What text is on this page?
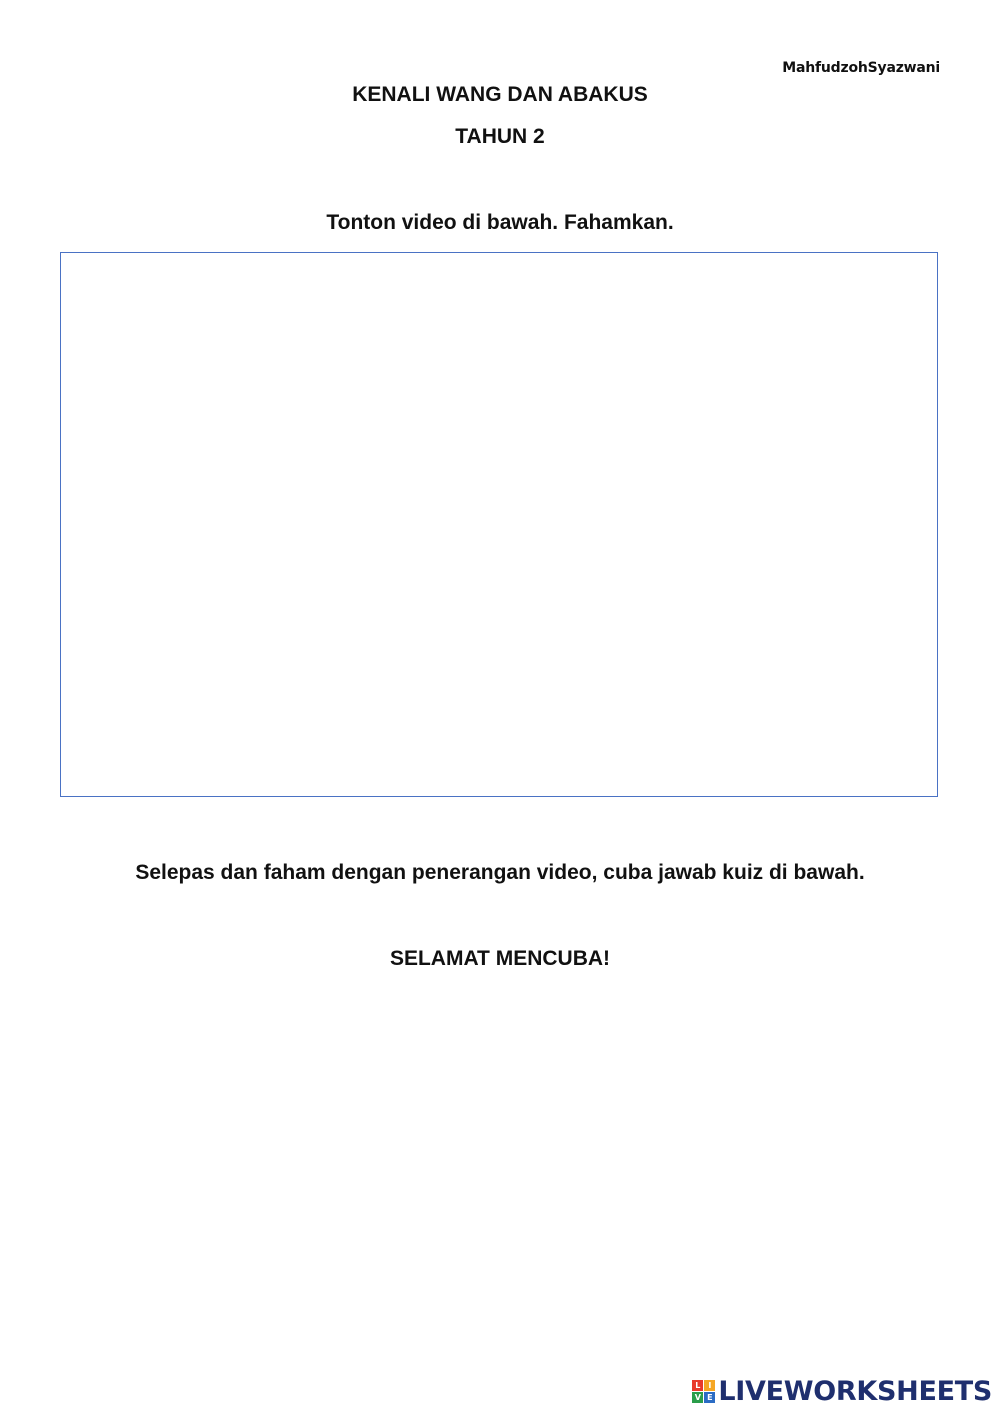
MahfudzohSyazwani
KENALI WANG DAN ABAKUS
TAHUN 2
Tonton video di bawah. Fahamkan.
Selepas dan faham dengan penerangan video, cuba jawab kuiz di bawah.
SELAMAT MENCUBA!
L I
V E LIVEWORKSHEETS
